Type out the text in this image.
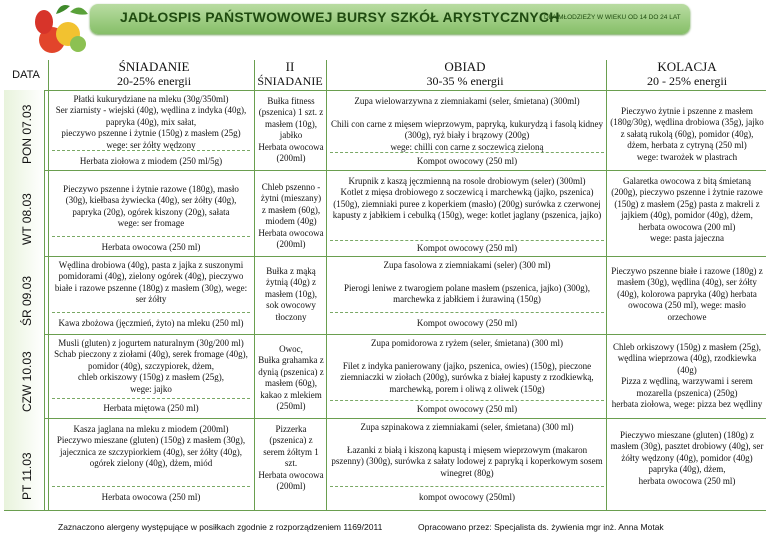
JADŁOSPIS PAŃSTWOWOWEJ BURSY SZKÓŁ ARYSTYCZNYCH
DLA MŁODZIEŻY W WIEKU OD 14 DO 24 LAT
DATA
ŚNIADANIE
20-25% energii
II
ŚNIADANIE
OBIAD
30-35 % energii
KOLACJA
20 - 25% energii
PON 07.03
WT 08.03
ŚR 09.03
CZW 10.03
PT 11.03
Płatki kukurydziane na mleku (30g/350ml)
Ser ziarnisty - wiejski (40g), wędlina z indyka (40g), papryka (40g), mix sałat,
pieczywo pszenne i żytnie (150g) z masłem (25g)
wege: ser żółty wędzony
Herbata ziołowa z miodem (250 ml/5g)
Bułka fitness (pszenica) 1 szt. z masłem (10g), jabłko
Herbata owocowa (200ml)
Zupa wielowarzywna z ziemniakami (seler, śmietana) (300ml)

Chili con carne z mięsem wieprzowym, papryką, kukurydzą i fasolą kidney (300g), ryż biały i brązowy (200g)
wege: chilli con carne z soczewicą zieloną
Kompot owocowy (250 ml)
Pieczywo żytnie i pszenne z masłem (180g/30g), wędlina drobiowa (35g), jajko z sałatą rukolą (60g), pomidor (40g), dżem, herbata z cytryną (250 ml)
wege: twarożek w plastrach
Pieczywo pszenne i żytnie razowe (180g), masło (30g), kiełbasa żywiecka (40g), ser żółty (40g), papryka (20g), ogórek kiszony (20g), sałata
wege: ser fromage
Herbata owocowa (250 ml)
Chleb pszenno - żytni (mieszany) z masłem (60g), miodem (40g)
Herbata owocowa (200ml)
Krupnik z kaszą jęczmienną na rosole drobiowym (seler) (300ml)
Kotlet z mięsa drobiowego z soczewicą i marchewką (jajko, pszenica) (150g), ziemniaki puree z koperkiem (masło) (200g) surówka z czerwonej kapusty z jabłkiem i cebulką (150g), wege: kotlet jaglany (pszenica, jajko)
Kompot owocowy (250 ml)
Galaretka owocowa z bitą śmietaną (200g), pieczywo pszenne i żytnie razowe (150g) z masłem (25g) pasta z makreli z jajkiem (40g), pomidor (40g), dżem, herbata owocowa (200 ml)
wege: pasta jajeczna
Wędlina drobiowa (40g), pasta z jajka z suszonymi pomidorami (40g), zielony ogórek (40g), pieczywo białe i razowe pszenne (180g) z masłem (30g), wege: ser żółty
Kawa zbożowa (jęczmień, żyto) na mleku (250 ml)
Bułka z mąką żytnią (40g) z masłem (10g), sok owocowy tłoczony
Zupa fasolowa z ziemniakami (seler) (300 ml)

Pierogi leniwe z twarogiem polane masłem (pszenica, jajko) (300g), marchewka z jabłkiem i żurawiną (150g)
Kompot owocowy (250 ml)
Pieczywo pszenne białe i razowe (180g) z masłem (30g), wędlina (40g), ser żółty (40g), kolorowa papryka (40g) herbata owocowa (250 ml), wege: masło orzechowe
Musli (gluten) z jogurtem naturalnym (30g/200 ml)
Schab pieczony z ziołami (40g), serek fromage (40g), pomidor (40g), szczypiorek, dżem,
chleb orkiszowy (150g) z masłem (25g),
wege: jajko
Herbata miętowa (250 ml)
Owoc,
Bułka grahamka z dynią (pszenica) z masłem (60g), kakao z mlekiem (250ml)
Zupa pomidorowa z ryżem (seler, śmietana) (300 ml)

Filet z indyka panierowany (jajko, pszenica, owies) (150g), pieczone ziemniaczki w ziołach (200g), surówka z białej kapusty z rzodkiewką, marchewką, porem i oliwą z oliwek (150g)
Kompot owocowy (250 ml)
Chleb orkiszowy (150g) z masłem (25g), wędlina wieprzowa (40g), rzodkiewka (40g)
Pizza z wędliną, warzywami i serem mozarella (pszenica) (250g)
herbata ziołowa, wege: pizza bez wędliny
Kasza jaglana na mleku z miodem (200ml)
Pieczywo mieszane (gluten) (150g) z masłem (30g), jajecznica ze szczypiorkiem (40g), ser żółty (40g), ogórek zielony (40g), dżem, miód
Herbata owocowa (250 ml)
Pizzerka (pszenica) z serem żółtym 1 szt.
Herbata owocowa (200ml)
Zupa szpinakowa z ziemniakami (seler, śmietana) (300 ml)

Łazanki z białą i kiszoną kapustą i mięsem wieprzowym (makaron pszenny) (300g), surówka z sałaty lodowej z papryką i koperkowym sosem winegret (80g)
kompot owocowy (250ml)
Pieczywo mieszane (gluten) (180g) z masłem (30g), pasztet drobiowy (40g), ser żółty wędzony (40g), pomidor (40g) papryka (40g), dżem,
herbata owocowa (250 ml)
Zaznaczono alergeny występujące w posiłkach zgodnie z rozporządzeniem 1169/2011	Opracowano przez: Specjalista ds. żywienia mgr inż. Anna Motak
